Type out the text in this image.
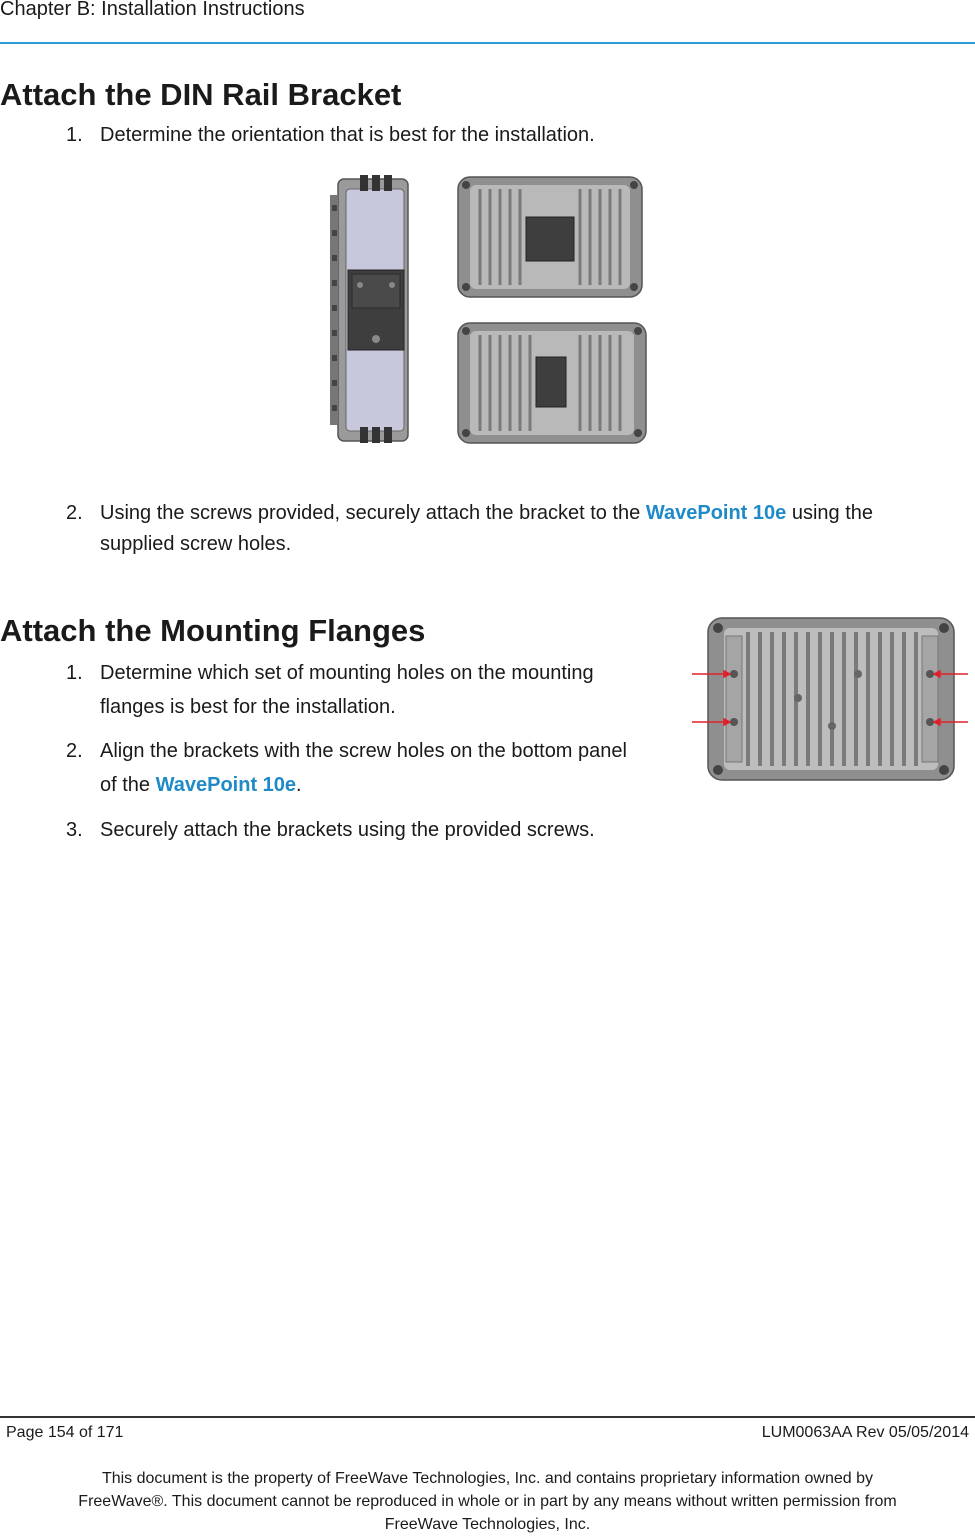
Chapter B: Installation Instructions
Attach the DIN Rail Bracket
1. Determine the orientation that is best for the installation.
2. Using the screws provided, securely attach the bracket to the WavePoint 10e using the
supplied screw holes.
Attach the Mounting Flanges
1. Determine which set of mounting holes on the mounting
flanges is best for the installation.
2. Align the brackets with the screw holes on the bottom panel
of the WavePoint 10e.
3. Securely attach the brackets using the provided screws.
Page 154 of 171	LUM0063AA Rev 05/05/2014
This document is the property of FreeWave Technologies, Inc. and contains proprietary information owned by
FreeWave®. This document cannot be reproduced in whole or in part by any means without written permission from
FreeWave Technologies, Inc.
